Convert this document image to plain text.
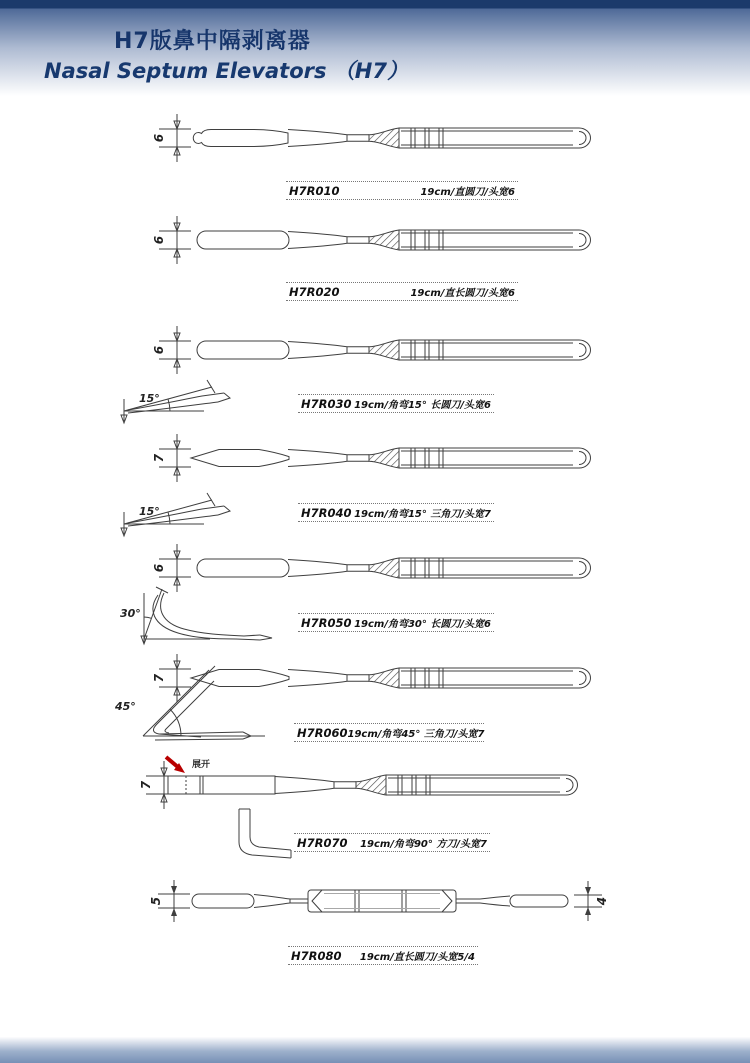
H7版鼻中隔剥离器
Nasal Septum Elevators （H7）
6
H7R010	19cm/直圆刀/头宽6
6
H7R020	19cm/直长圆刀/头宽6
6
15°	H7R030 19cm/角弯15° 长圆刀/头宽6
7
15°	H7R040 19cm/角弯15° 三角刀/头宽7
6
30°
H7R050 19cm/角弯30° 长圆刀/头宽6
7
45°
H7R060 19cm/角弯45° 三角刀/头宽7
7
展开
H7R070 19cm/角弯90° 方刀/头宽7
5	4
H7R080 19cm/直长圆刀/头宽5/4
